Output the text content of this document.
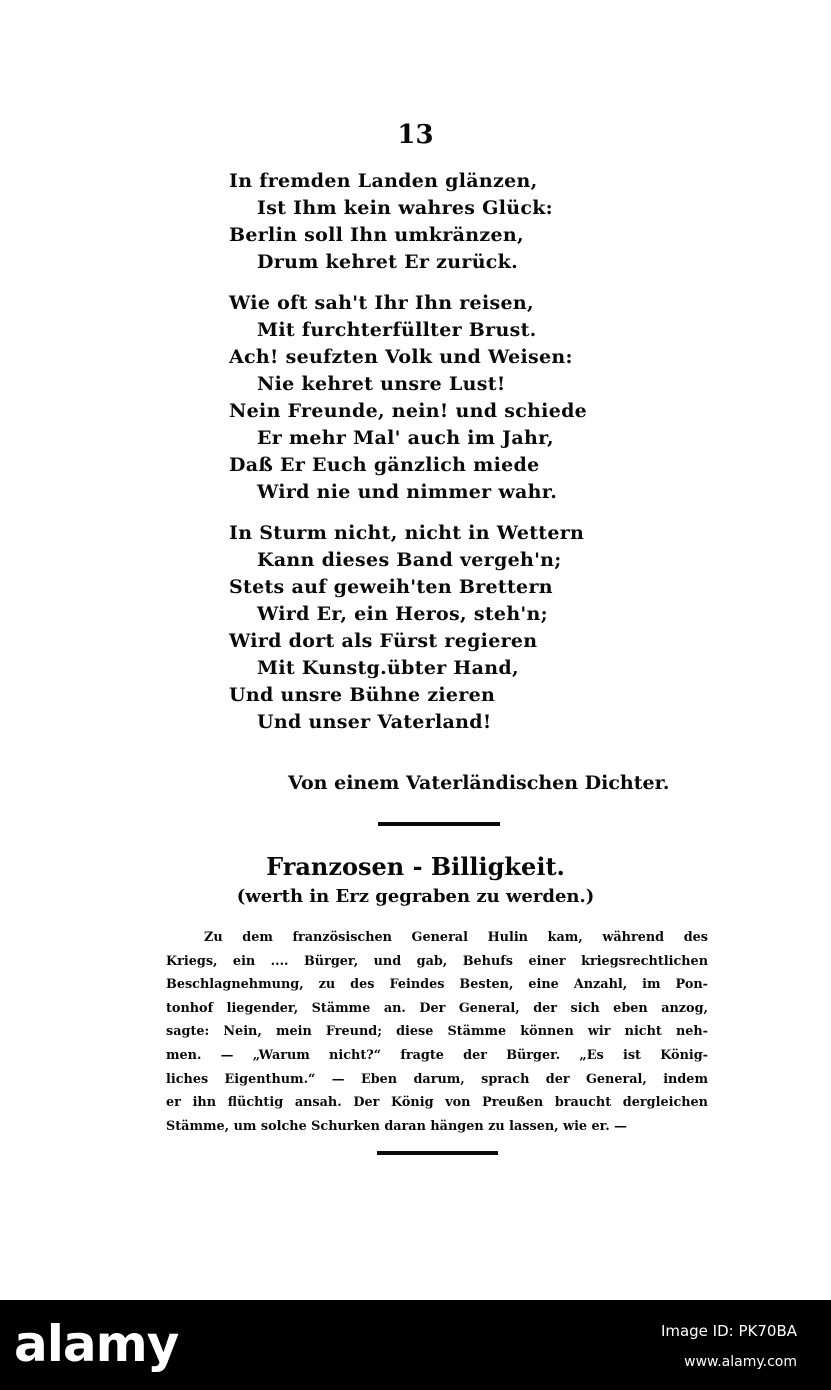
13
In fremden Landen glänzen,
Ist Ihm kein wahres Glück:
Berlin soll Ihn umkränzen,
Drum kehret Er zurück.
Wie oft sah't Ihr Ihn reisen,
Mit furchterfüllter Brust.
Ach! seufzten Volk und Weisen:
Nie kehret unsre Lust!
Nein Freunde, nein! und schiede
Er mehr Mal' auch im Jahr,
Daß Er Euch gänzlich miede
Wird nie und nimmer wahr.
In Sturm nicht, nicht in Wettern
Kann dieses Band vergeh'n;
Stets auf geweih'ten Brettern
Wird Er, ein Heros, steh'n;
Wird dort als Fürst regieren
Mit Kunstg.übter Hand,
Und unsre Bühne zieren
Und unser Vaterland!
Von einem Vaterländischen Dichter.
Franzosen - Billigkeit.
(werth in Erz gegraben zu werden.)
Zu dem französischen General Hulin kam, während des
Kriegs, ein .... Bürger, und gab, Behufs einer kriegsrechtlichen
Beschlagnehmung, zu des Feindes Besten, eine Anzahl, im Pon-
tonhof liegender, Stämme an. Der General, der sich eben anzog,
sagte: Nein, mein Freund; diese Stämme können wir nicht neh-
men. — „Warum nicht?“ fragte der Bürger. „Es ist König-
liches Eigenthum.“ — Eben darum, sprach der General, indem
er ihn flüchtig ansah. Der König von Preußen braucht dergleichen
Stämme, um solche Schurken daran hängen zu lassen, wie er. —
alamy	Image ID: PK70BA
www.alamy.com
